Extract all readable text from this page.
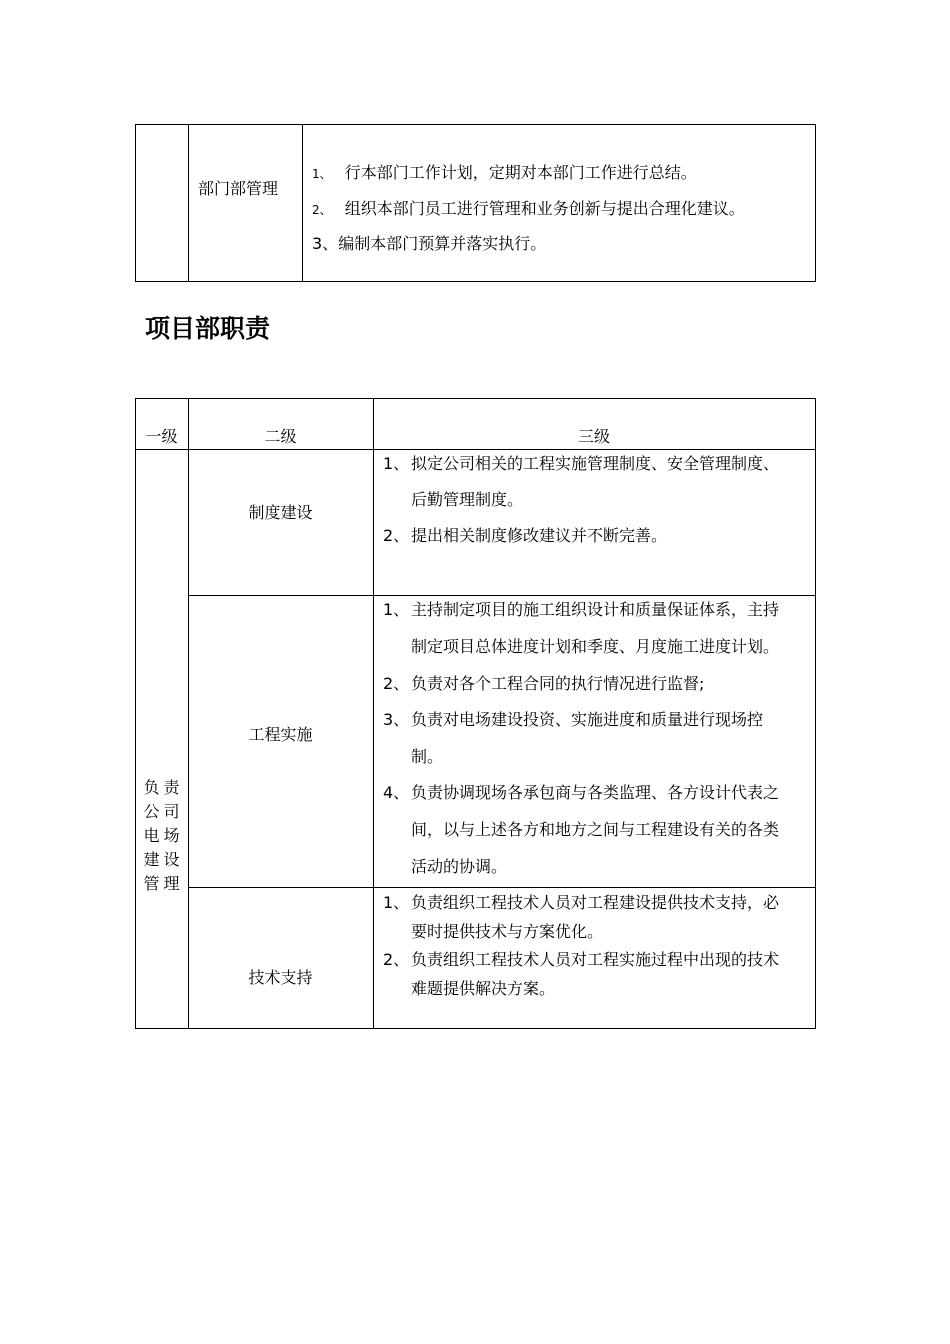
部门部管理
1、 行本部门工作计划，定期对本部门工作进行总结。
2、 组织本部门员工进行管理和业务创新与提出合理化建议。
3、编制本部门预算并落实执行。
项目部职责
一级	二级	三级
负责
公司
电场
建设
管理
制度建设
1、 拟定公司相关的工程实施管理制度、安全管理制度、
后勤管理制度。
2、 提出相关制度修改建议并不断完善。
工程实施
1、 主持制定项目的施工组织设计和质量保证体系，主持
制定项目总体进度计划和季度、月度施工进度计划。
2、 负责对各个工程合同的执行情况进行监督;
3、 负责对电场建设投资、实施进度和质量进行现场控
制。
4、 负责协调现场各承包商与各类监理、各方设计代表之
间，以与上述各方和地方之间与工程建设有关的各类
活动的协调。
技术支持
1、 负责组织工程技术人员对工程建设提供技术支持，必
要时提供技术与方案优化。
2、 负责组织工程技术人员对工程实施过程中出现的技术
难题提供解决方案。
